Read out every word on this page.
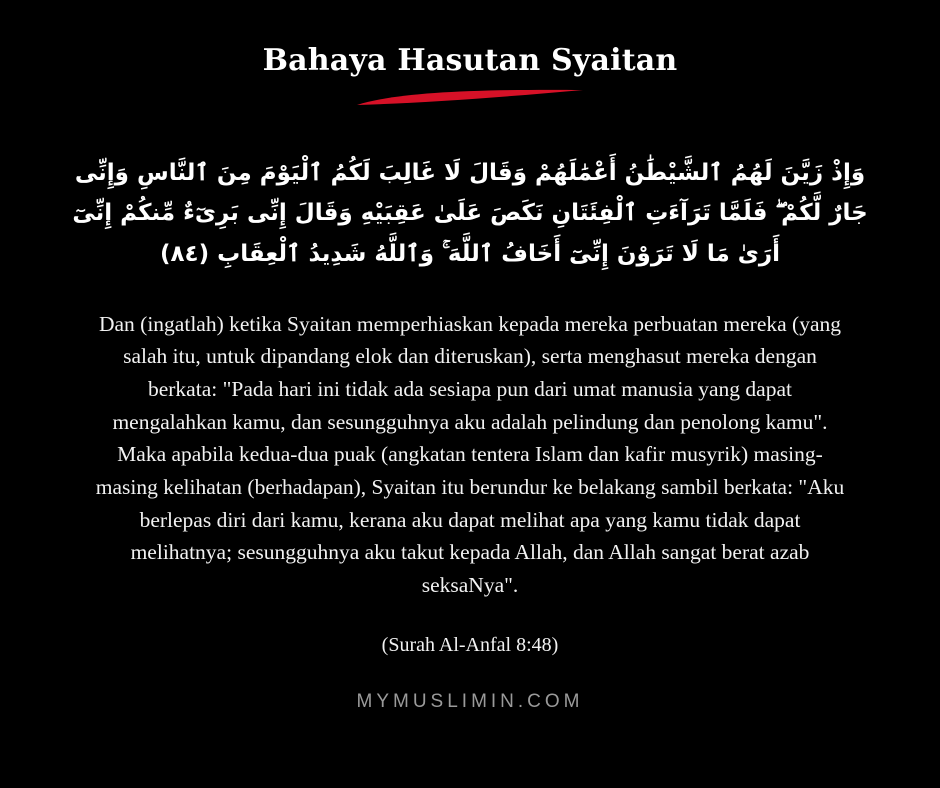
Bahaya Hasutan Syaitan
وَإِذْ زَيَّنَ لَهُمُ ٱلشَّيْطَٰنُ أَعْمَٰلَهُمْ وَقَالَ لَا غَالِبَ لَكُمُ ٱلْيَوْمَ مِنَ ٱلنَّاسِ وَإِنِّى جَارٌ لَّكُمْ ۖ فَلَمَّا تَرَآءَتِ ٱلْفِئَتَانِ نَكَصَ عَلَىٰ عَقِبَيْهِ وَقَالَ إِنِّى بَرِىٓءٌ مِّنكُمْ إِنِّىٓ أَرَىٰ مَا لَا تَرَوْنَ إِنِّىٓ أَخَافُ ٱللَّهَ ۚ وَٱللَّهُ شَدِيدُ ٱلْعِقَابِ (٤٨)
Dan (ingatlah) ketika Syaitan memperhiaskan kepada mereka perbuatan mereka (yang salah itu, untuk dipandang elok dan diteruskan), serta menghasut mereka dengan berkata: "Pada hari ini tidak ada sesiapa pun dari umat manusia yang dapat mengalahkan kamu, dan sesungguhnya aku adalah pelindung dan penolong kamu". Maka apabila kedua-dua puak (angkatan tentera Islam dan kafir musyrik) masing-masing kelihatan (berhadapan), Syaitan itu berundur ke belakang sambil berkata: "Aku berlepas diri dari kamu, kerana aku dapat melihat apa yang kamu tidak dapat melihatnya; sesungguhnya aku takut kepada Allah, dan Allah sangat berat azab seksaNya".
(Surah Al-Anfal 8:48)
MYMUSLIMIN.COM
